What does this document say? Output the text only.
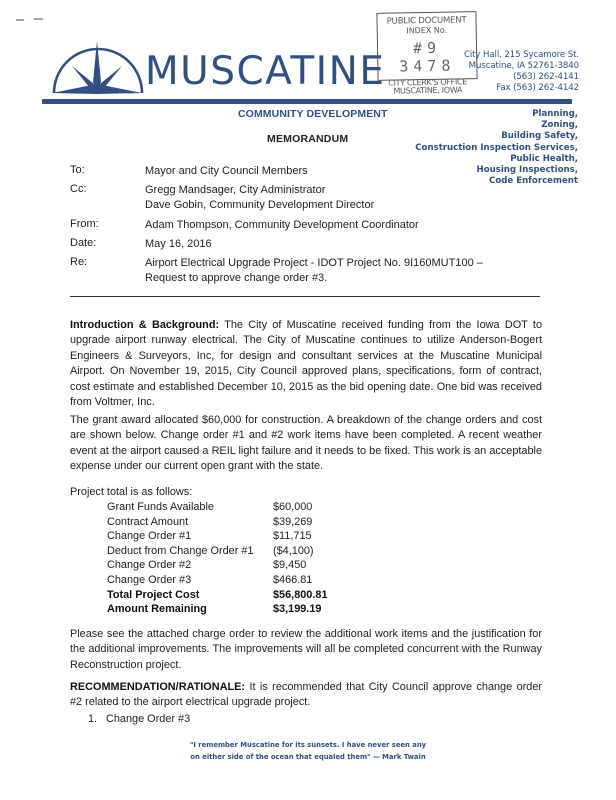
MUSCATINE
PUBLIC DOCUMENT
INDEX No.
#9 3478
CITY CLERK'S OFFICE
MUSCATINE, IOWA
City Hall, 215 Sycamore St.
Muscatine, IA 52761-3840
(563) 262-4141
Fax (563) 262-4142
COMMUNITY DEVELOPMENT
MEMORANDUM
Planning,
Zoning,
Building Safety,
Construction Inspection Services,
Public Health,
Housing Inspections,
Code Enforcement
To:	Mayor and City Council Members
Cc:	Gregg Mandsager, City Administrator
Dave Gobin, Community Development Director
From:	Adam Thompson, Community Development Coordinator
Date:	May 16, 2016
Re:	Airport Electrical Upgrade Project - IDOT Project No. 9I160MUT100 –
Request to approve change order #3.
Introduction & Background: The City of Muscatine received funding from the Iowa DOT to upgrade airport runway electrical. The City of Muscatine continues to utilize Anderson-Bogert Engineers & Surveyors, Inc, for design and consultant services at the Muscatine Municipal Airport. On November 19, 2015, City Council approved plans, specifications, form of contract, cost estimate and established December 10, 2015 as the bid opening date. One bid was received from Voltmer, Inc.
The grant award allocated $60,000 for construction. A breakdown of the change orders and cost are shown below. Change order #1 and #2 work items have been completed. A recent weather event at the airport caused a REIL light failure and it needs to be fixed. This work is an acceptable expense under our current open grant with the state.
Project total is as follows:
Grant Funds Available	$60,000
Contract Amount	$39,269
Change Order #1	$11,715
Deduct from Change Order #1	($4,100)
Change Order #2	$9,450
Change Order #3	$466.81
Total Project Cost	$56,800.81
Amount Remaining	$3,199.19
Please see the attached charge order to review the additional work items and the justification for the additional improvements. The improvements will all be completed concurrent with the Runway Reconstruction project.
RECOMMENDATION/RATIONALE: It is recommended that City Council approve change order #2 related to the airport electrical upgrade project.
1. Change Order #3
"I remember Muscatine for its sunsets. I have never seen any
on either side of the ocean that equaled them" — Mark Twain
